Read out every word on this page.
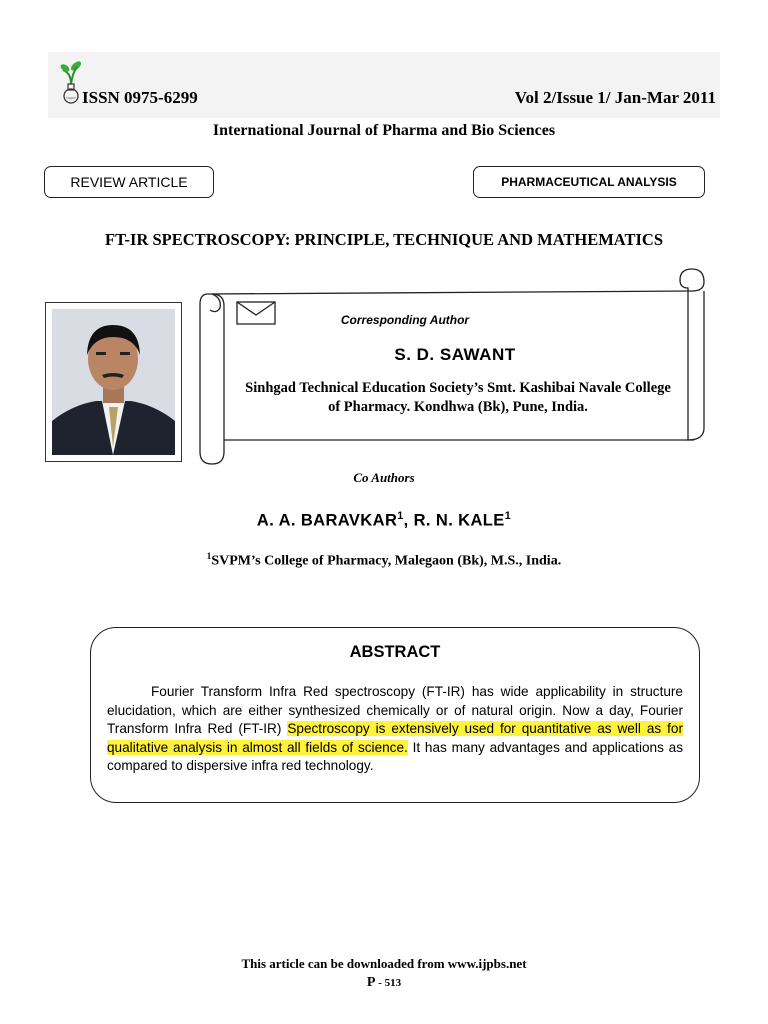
ISSN 0975-6299	Vol 2/Issue 1/ Jan-Mar 2011
International Journal of Pharma and Bio Sciences
REVIEW ARTICLE	PHARMACEUTICAL ANALYSIS
FT-IR SPECTROSCOPY: PRINCIPLE, TECHNIQUE AND MATHEMATICS
Corresponding Author
S. D. SAWANT
Sinhgad Technical Education Society’s Smt. Kashibai Navale College
of Pharmacy. Kondhwa (Bk), Pune, India.
Co Authors
A. A. BARAVKAR$^1$, R. N. KALE$^1$
$^1$SVPM’s College of Pharmacy, Malegaon (Bk), M.S., India.
ABSTRACT
Fourier Transform Infra Red spectroscopy (FT-IR) has wide applicability in structure elucidation, which are either synthesized chemically or of natural origin. Now a day, Fourier Transform Infra Red (FT-IR) Spectroscopy is extensively used for quantitative as well as for qualitative analysis in almost all fields of science. It has many advantages and applications as compared to dispersive infra red technology.
This article can be downloaded from www.ijpbs.net
P - 513
